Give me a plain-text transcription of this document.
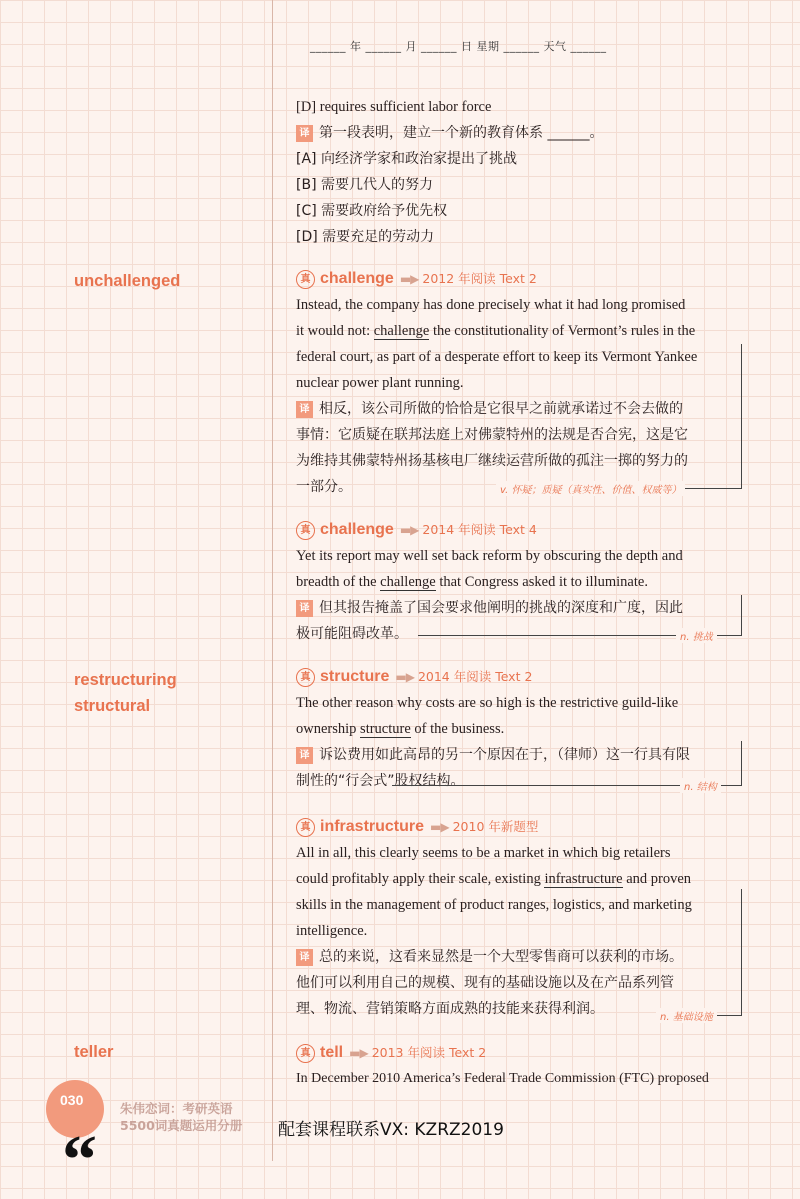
______ 年 ______ 月 ______ 日 星期 ______ 天气 ______
[D] requires sufficient labor force
译 第一段表明，建立一个新的教育体系 ______。
[A] 向经济学家和政治家提出了挑战
[B] 需要几代人的努力
[C] 需要政府给予优先权
[D] 需要充足的劳动力
unchallenged
restructuring
structural
teller
真 challenge ▬▶ 2012 年阅读 Text 2
Instead, the company has done precisely what it had long promised
it would not: challenge the constitutionality of Vermont’s rules in the
federal court, as part of a desperate effort to keep its Vermont Yankee
nuclear power plant running.
译 相反，该公司所做的恰恰是它很早之前就承诺过不会去做的
事情：它质疑在联邦法庭上对佛蒙特州的法规是否合宪，这是它
为维持其佛蒙特州扬基核电厂继续运营所做的孤注一掷的努力的
一部分。	v. 怀疑；质疑（真实性、价值、权威等）
真 challenge ▬▶ 2014 年阅读 Text 4
Yet its report may well set back reform by obscuring the depth and
breadth of the challenge that Congress asked it to illuminate.
译 但其报告掩盖了国会要求他阐明的挑战的深度和广度，因此
极可能阻碍改革。	n. 挑战
真 structure ▬▶ 2014 年阅读 Text 2
The other reason why costs are so high is the restrictive guild-like
ownership structure of the business.
译 诉讼费用如此高昂的另一个原因在于，（律师）这一行具有限
制性的“行会式”股权结构。	n. 结构
真 infrastructure ▬▶ 2010 年新题型
All in all, this clearly seems to be a market in which big retailers
could profitably apply their scale, existing infrastructure and proven
skills in the management of product ranges, logistics, and marketing
intelligence.
译 总的来说，这看来显然是一个大型零售商可以获利的市场。
他们可以利用自己的规模、现有的基础设施以及在产品系列管
理、物流、营销策略方面成熟的技能来获得利润。
n. 基础设施
真 tell ▬▶ 2013 年阅读 Text 2
In December 2010 America’s Federal Trade Commission (FTC) proposed
030
朱伟恋词：考研英语
5500词真题运用分册 配套课程联系VX: KZRZ2019
“
